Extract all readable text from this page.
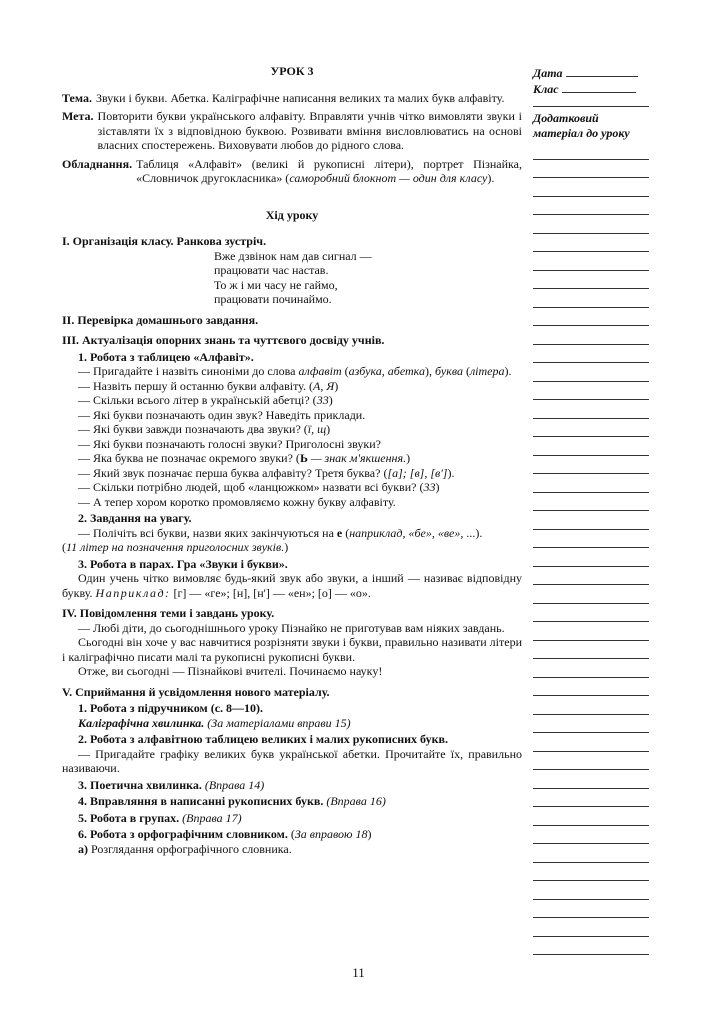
УРОК 3
Тема. Звуки і букви. Абетка. Каліграфічне написання великих та малих букв алфавіту.
Мета. Повторити букви українського алфавіту. Вправляти учнів чітко вимовляти звуки і зіставляти їх з відповідною буквою. Розвивати вміння висловлюватись на основі власних спостережень. Виховувати любов до рідного слова.
Обладнання. Таблиця «Алфавіт» (великі й рукописні літери), портрет Пізнайка, «Словничок другокласника» (саморобний блокнот — один для класу).
Хід уроку
I. Організація класу. Ранкова зустріч.
Вже дзвінок нам дав сигнал —
працювати час настав.
То ж і ми часу не гаймо,
працювати починаймо.
II. Перевірка домашнього завдання.
III. Актуалізація опорних знань та чуттєвого досвіду учнів.
1. Робота з таблицею «Алфавіт».
— Пригадайте і назвіть синоніми до слова алфавіт (азбука, абетка), буква (літера).
— Назвіть першу й останню букви алфавіту. (А, Я)
— Скільки всього літер в українській абетці? (33)
— Які букви позначають один звук? Наведіть приклади.
— Які букви завжди позначають два звуки? (ї, щ)
— Які букви позначають голосні звуки? Приголосні звуки?
— Яка буква не позначає окремого звуки? (Ь — знак м'якшення.)
— Який звук позначає перша буква алфавіту? Третя буква? ([а]; [в], [в']).
— Скільки потрібно людей, щоб «ланцюжком» назвати всі букви? (33)
— А тепер хором коротко промовляємо кожну букву алфавіту.
2. Завдання на увагу.
— Полічіть всі букви, назви яких закінчуються на е (наприклад, «бе», «ве», ...).
(11 літер на позначення приголосних звуків.)
3. Робота в парах. Гра «Звуки і букви».
Один учень чітко вимовляє будь-який звук або звуки, а інший — називає відповідну букву. Наприклад: [г] — «ге»; [н], [н'] — «ен»; [о] — «о».
IV. Повідомлення теми і завдань уроку.
— Любі діти, до сьогоднішнього уроку Пізнайко не приготував вам ніяких завдань.
Сьогодні він хоче у вас навчитися розрізняти звуки і букви, правильно називати літери і каліграфічно писати малі та рукописні рукописні букви.
Отже, ви сьогодні — Пізнайкові вчителі. Починаємо науку!
V. Сприймання й усвідомлення нового матеріалу.
1. Робота з підручником (с. 8—10).
Каліграфічна хвилинка. (За матеріалами вправи 15)
2. Робота з алфавітною таблицею великих і малих рукописних букв.
— Пригадайте графіку великих букв української абетки. Прочитайте їх, правильно називаючи.
3. Поетична хвилинка. (Вправа 14)
4. Вправляння в написанні рукописних букв. (Вправа 16)
5. Робота в групах. (Вправа 17)
6. Робота з орфографічним словником. (За вправою 18)
а) Розглядання орфографічного словника.
Дата
Клас
Додатковий
матеріал до уроку
11
